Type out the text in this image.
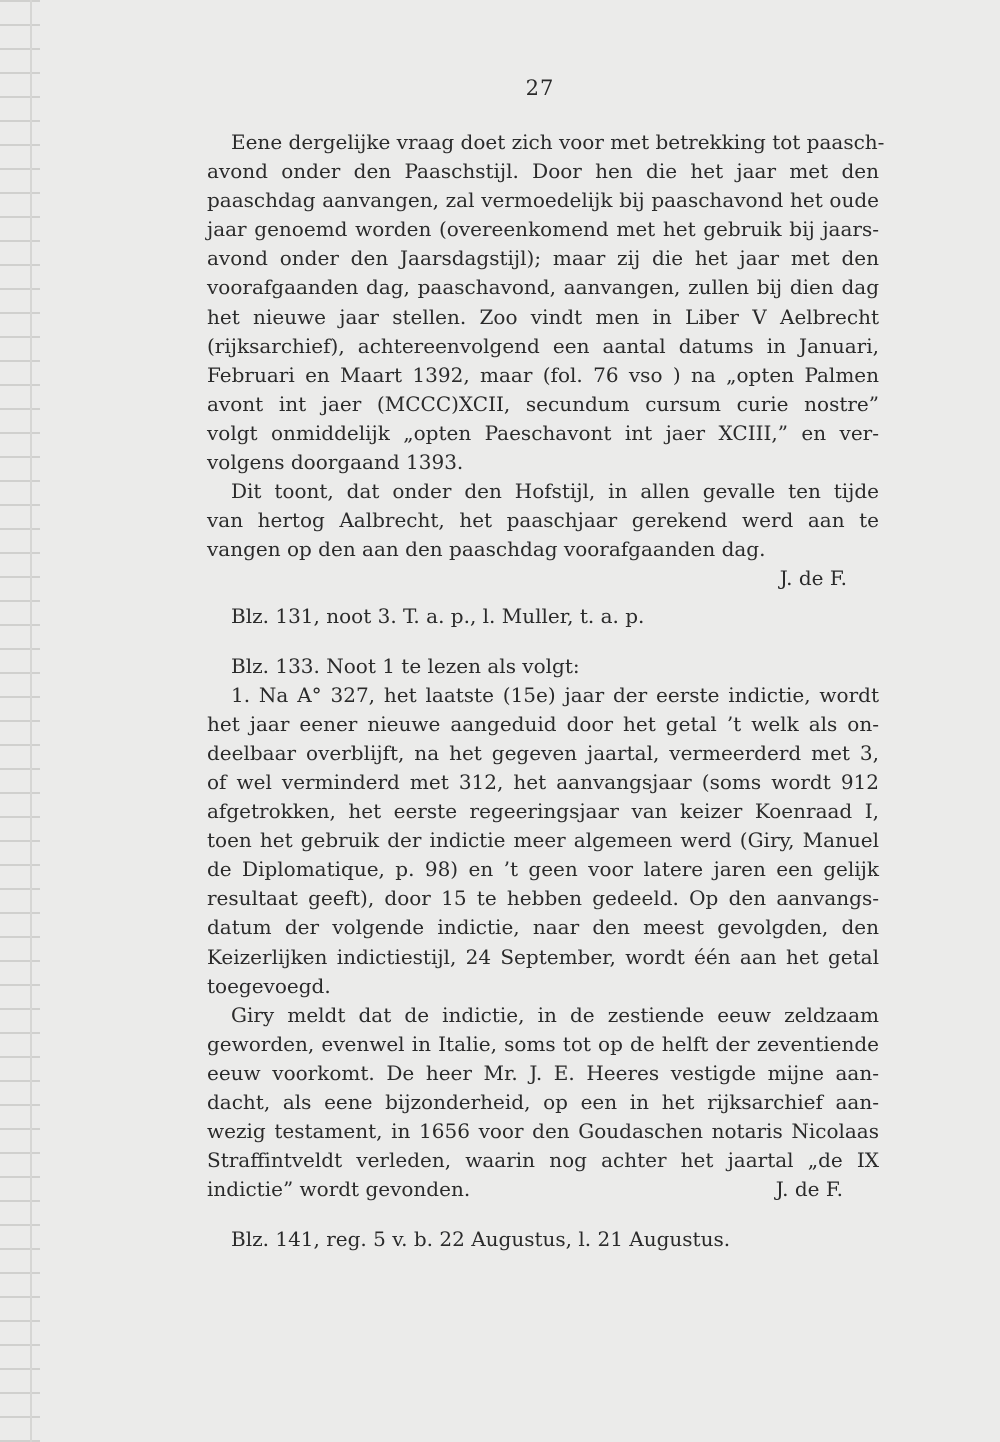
27
Eene dergelijke vraag doet zich voor met betrekking tot paasch-
avond onder den Paaschstijl. Door hen die het jaar met den
paaschdag aanvangen, zal vermoedelijk bij paaschavond het oude
jaar genoemd worden (overeenkomend met het gebruik bij jaars-
avond onder den Jaarsdagstijl); maar zij die het jaar met den
voorafgaanden dag, paaschavond, aanvangen, zullen bij dien dag
het nieuwe jaar stellen. Zoo vindt men in Liber V Aelbrecht
(rijksarchief), achtereenvolgend een aantal datums in Januari,
Februari en Maart 1392, maar (fol. 76 vso ) na „opten Palmen
avont int jaer (MCCC)XCII, secundum cursum curie nostre”
volgt onmiddelijk „opten Paeschavont int jaer XCIII,” en ver-
volgens doorgaand 1393.
Dit toont, dat onder den Hofstijl, in allen gevalle ten tijde
van hertog Aalbrecht, het paaschjaar gerekend werd aan te
vangen op den aan den paaschdag voorafgaanden dag.
J. de F.
Blz. 131, noot 3. T. a. p., l. Muller, t. a. p.
Blz. 133. Noot 1 te lezen als volgt:
1. Na A° 327, het laatste (15e) jaar der eerste indictie, wordt
het jaar eener nieuwe aangeduid door het getal ’t welk als on-
deelbaar overblijft, na het gegeven jaartal, vermeerderd met 3,
of wel verminderd met 312, het aanvangsjaar (soms wordt 912
afgetrokken, het eerste regeeringsjaar van keizer Koenraad I,
toen het gebruik der indictie meer algemeen werd (Giry, Manuel
de Diplomatique, p. 98) en ’t geen voor latere jaren een gelijk
resultaat geeft), door 15 te hebben gedeeld. Op den aanvangs-
datum der volgende indictie, naar den meest gevolgden, den
Keizerlijken indictiestijl, 24 September, wordt één aan het getal
toegevoegd.
Giry meldt dat de indictie, in de zestiende eeuw zeldzaam
geworden, evenwel in Italie, soms tot op de helft der zeventiende
eeuw voorkomt. De heer Mr. J. E. Heeres vestigde mijne aan-
dacht, als eene bijzonderheid, op een in het rijksarchief aan-
wezig testament, in 1656 voor den Goudaschen notaris Nicolaas
Straffintveldt verleden, waarin nog achter het jaartal „de IX
indictie” wordt gevonden.	J. de F.
Blz. 141, reg. 5 v. b. 22 Augustus, l. 21 Augustus.
